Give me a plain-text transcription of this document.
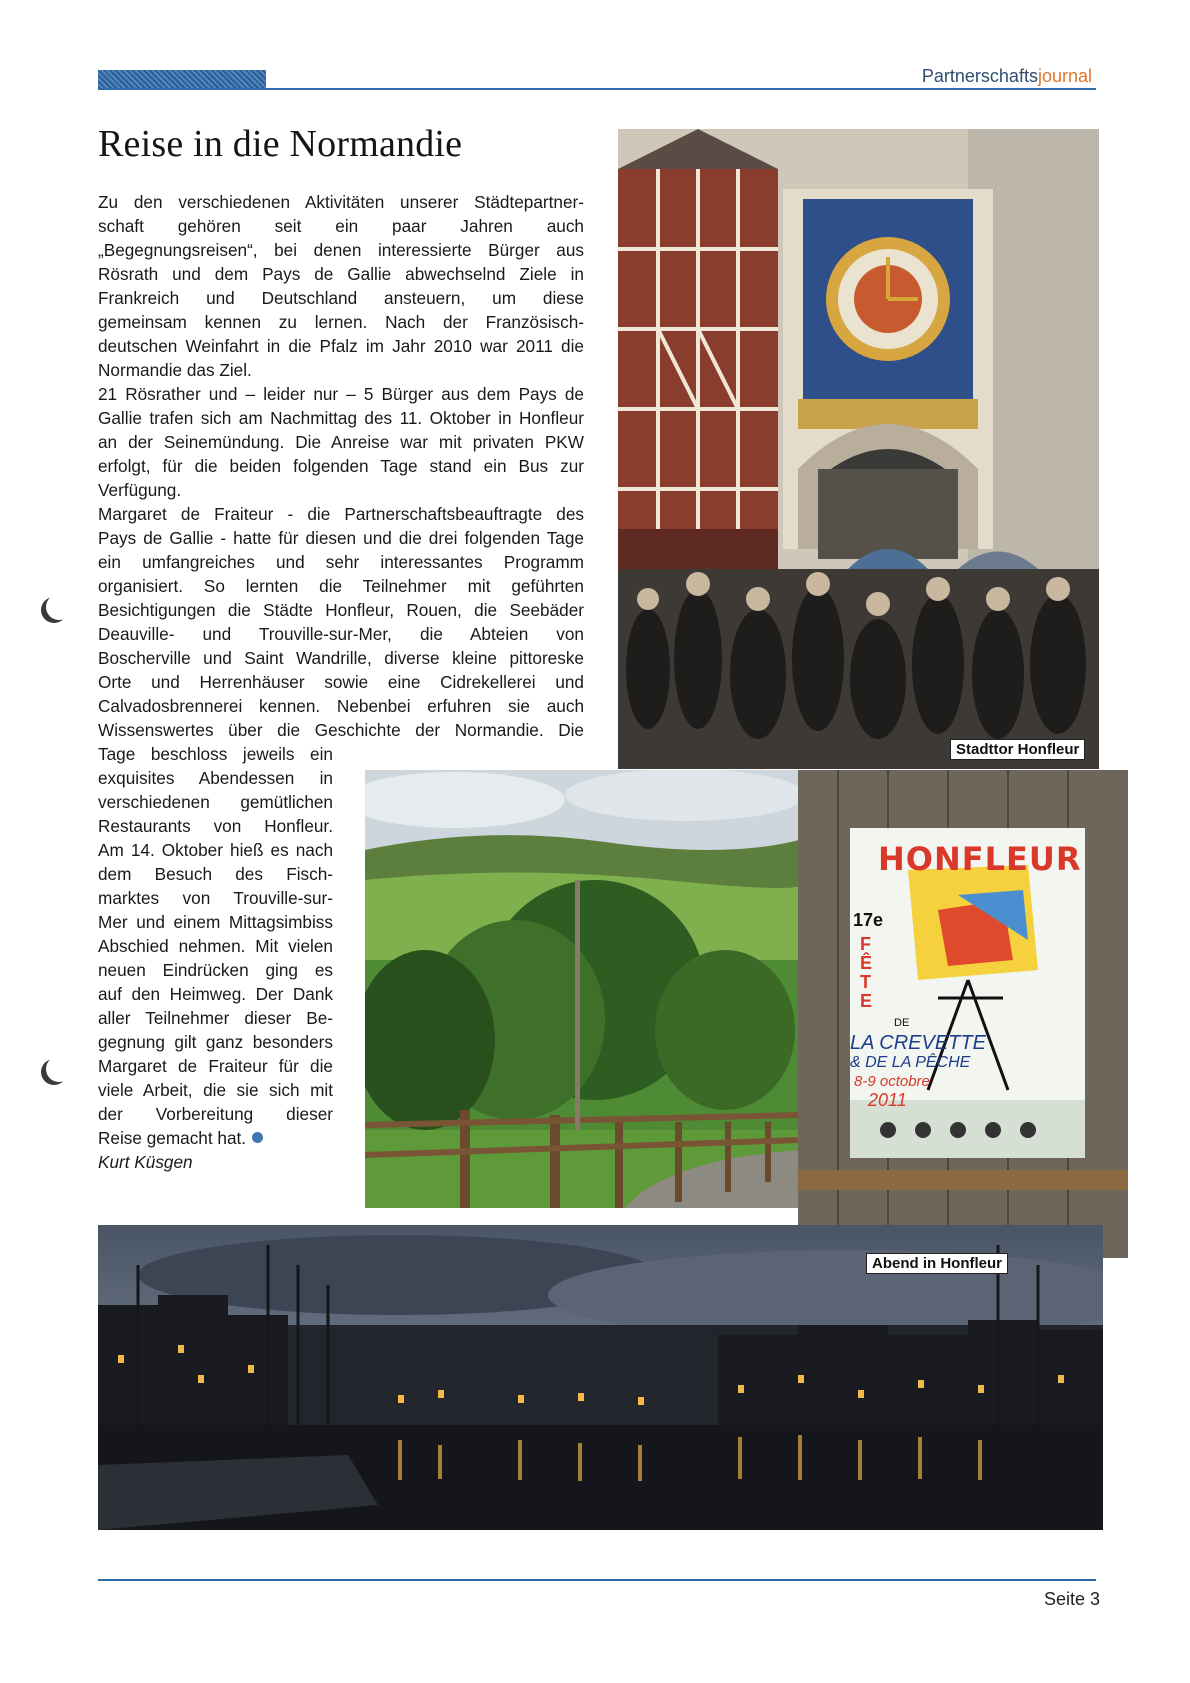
Partnerschaftsjournal
Reise in die Normandie
Zu den verschiedenen Aktivitäten unserer Städtepartner-
schaft gehören seit ein paar Jahren auch
„Begegnungsreisen“, bei denen interessierte Bürger aus
Rösrath und dem Pays de Gallie abwechselnd Ziele in
Frankreich und Deutschland ansteuern, um diese
gemeinsam kennen zu lernen. Nach der Französisch-
deutschen Weinfahrt in die Pfalz im Jahr 2010 war 2011 die
Normandie das Ziel.
21 Rösrather und – leider nur – 5 Bürger aus dem Pays de
Gallie trafen sich am Nachmittag des 11. Oktober in Honfleur
an der Seinemündung. Die Anreise war mit privaten PKW
erfolgt, für die beiden folgenden Tage stand ein Bus zur
Verfügung.
Margaret de Fraiteur - die Partnerschaftsbeauftragte des
Pays de Gallie - hatte für diesen und die drei folgenden Tage
ein umfangreiches und sehr interessantes Programm
organisiert. So lernten die Teilnehmer mit geführten
Besichtigungen die Städte Honfleur, Rouen, die Seebäder
Deauville- und Trouville-sur-Mer, die Abteien von
Boscherville und Saint Wandrille, diverse kleine pittoreske
Orte und Herrenhäuser sowie eine Cidrekellerei und
Calvadosbrennerei kennen. Nebenbei erfuhren sie auch
Wissenswertes über die Geschichte der Normandie. Die
Tage beschloss jeweils ein
exquisites Abendessen in
verschiedenen gemütlichen
Restaurants von Honfleur.
Am 14. Oktober hieß es nach
dem Besuch des Fisch-
marktes von Trouville-sur-
Mer und einem Mittagsimbiss
Abschied nehmen. Mit vielen
neuen Eindrücken ging es
auf den Heimweg. Der Dank
aller Teilnehmer dieser Be-
gegnung gilt ganz besonders
Margaret de Fraiteur für die
viele Arbeit, die sie sich mit
der Vorbereitung dieser
Reise gemacht hat.
Kurt Küsgen
Stadttor Honfleur
HONFLEUR
17e
FÊTE
DE
LA CREVETTE
& DE LA PÊCHE
8-9 octobre
2011
Abend in Honfleur
Seite 3
